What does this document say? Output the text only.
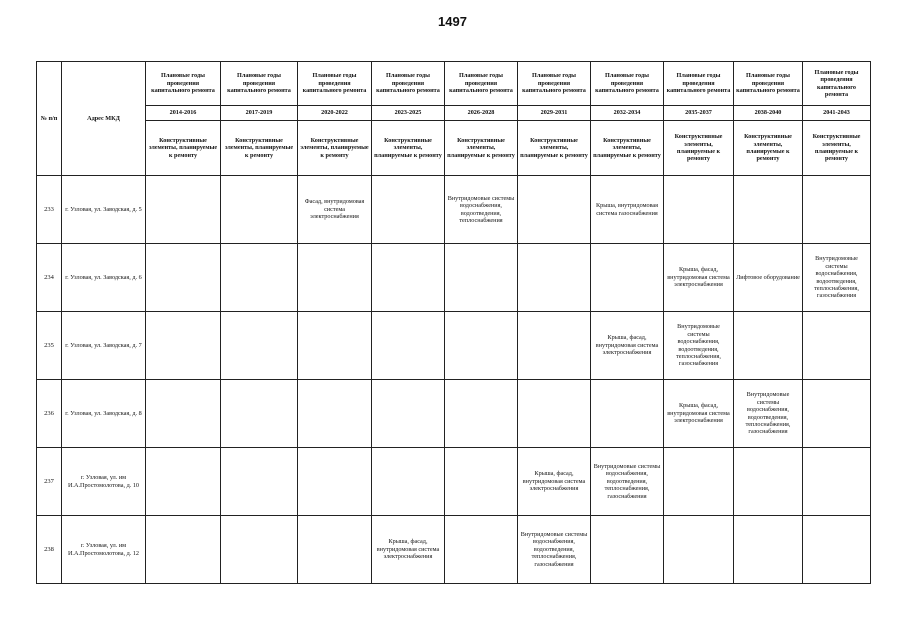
1497
№ п/п	Адрес МКД	Плановые годы проведения капитального ремонта	Плановые годы проведения капитального ремонта	Плановые годы проведения капитального ремонта	Плановые годы проведения капитального ремонта	Плановые годы проведения капитального ремонта	Плановые годы проведения капитального ремонта	Плановые годы проведения капитального ремонта	Плановые годы проведения капитального ремонта	Плановые годы проведения капитального ремонта	Плановые годы проведения капитального ремонта
		2014-2016	2017-2019	2020-2022	2023-2025	2026-2028	2029-2031	2032-2034	2035-2037	2038-2040	2041-2043
		Конструктивные элементы, планируемые к ремонту	Конструктивные элементы, планируемые к ремонту	Конструктивные элементы, планируемые к ремонту	Конструктивные элементы, планируемые к ремонту	Конструктивные элементы, планируемые к ремонту	Конструктивные элементы, планируемые к ремонту	Конструктивные элементы, планируемые к ремонту	Конструктивные элементы, планируемые к ремонту	Конструктивные элементы, планируемые к ремонту	Конструктивные элементы, планируемые к ремонту
233	г. Узловая, ул. Заводская, д. 5			Фасад, внутридомовая система электроснабжения		Внутридомовые системы водоснабжения, водоотведения, теплоснабжения		Крыша, внутридомовая система газоснабжения			
234	г. Узловая, ул. Заводская, д. 6								Крыша, фасад, внутридомовая система электроснабжения	Лифтовое оборудование	Внутридомовые системы водоснабжения, водоотведения, теплоснабжения, газоснабжения
235	г. Узловая, ул. Заводская, д. 7							Крыша, фасад, внутридомовая система электроснабжения	Внутридомовые системы водоснабжения, водоотведения, теплоснабжения, газоснабжения		
236	г. Узловая, ул. Заводская, д. 8								Крыша, фасад, внутридомовая система электроснабжения	Внутридомовые системы водоснабжения, водоотведения, теплоснабжения, газоснабжения	
237	г. Узловая, ул. им И.А.Простомолотова, д. 10						Крыша, фасад, внутридомовая система электроснабжения	Внутридомовые системы водоснабжения, водоотведения, теплоснабжения, газоснабжения			
238	г. Узловая, ул. им И.А.Простомолотова, д. 12				Крыша, фасад, внутридомовая система электроснабжения		Внутридомовые системы водоснабжения, водоотведения, теплоснабжения, газоснабжения				
